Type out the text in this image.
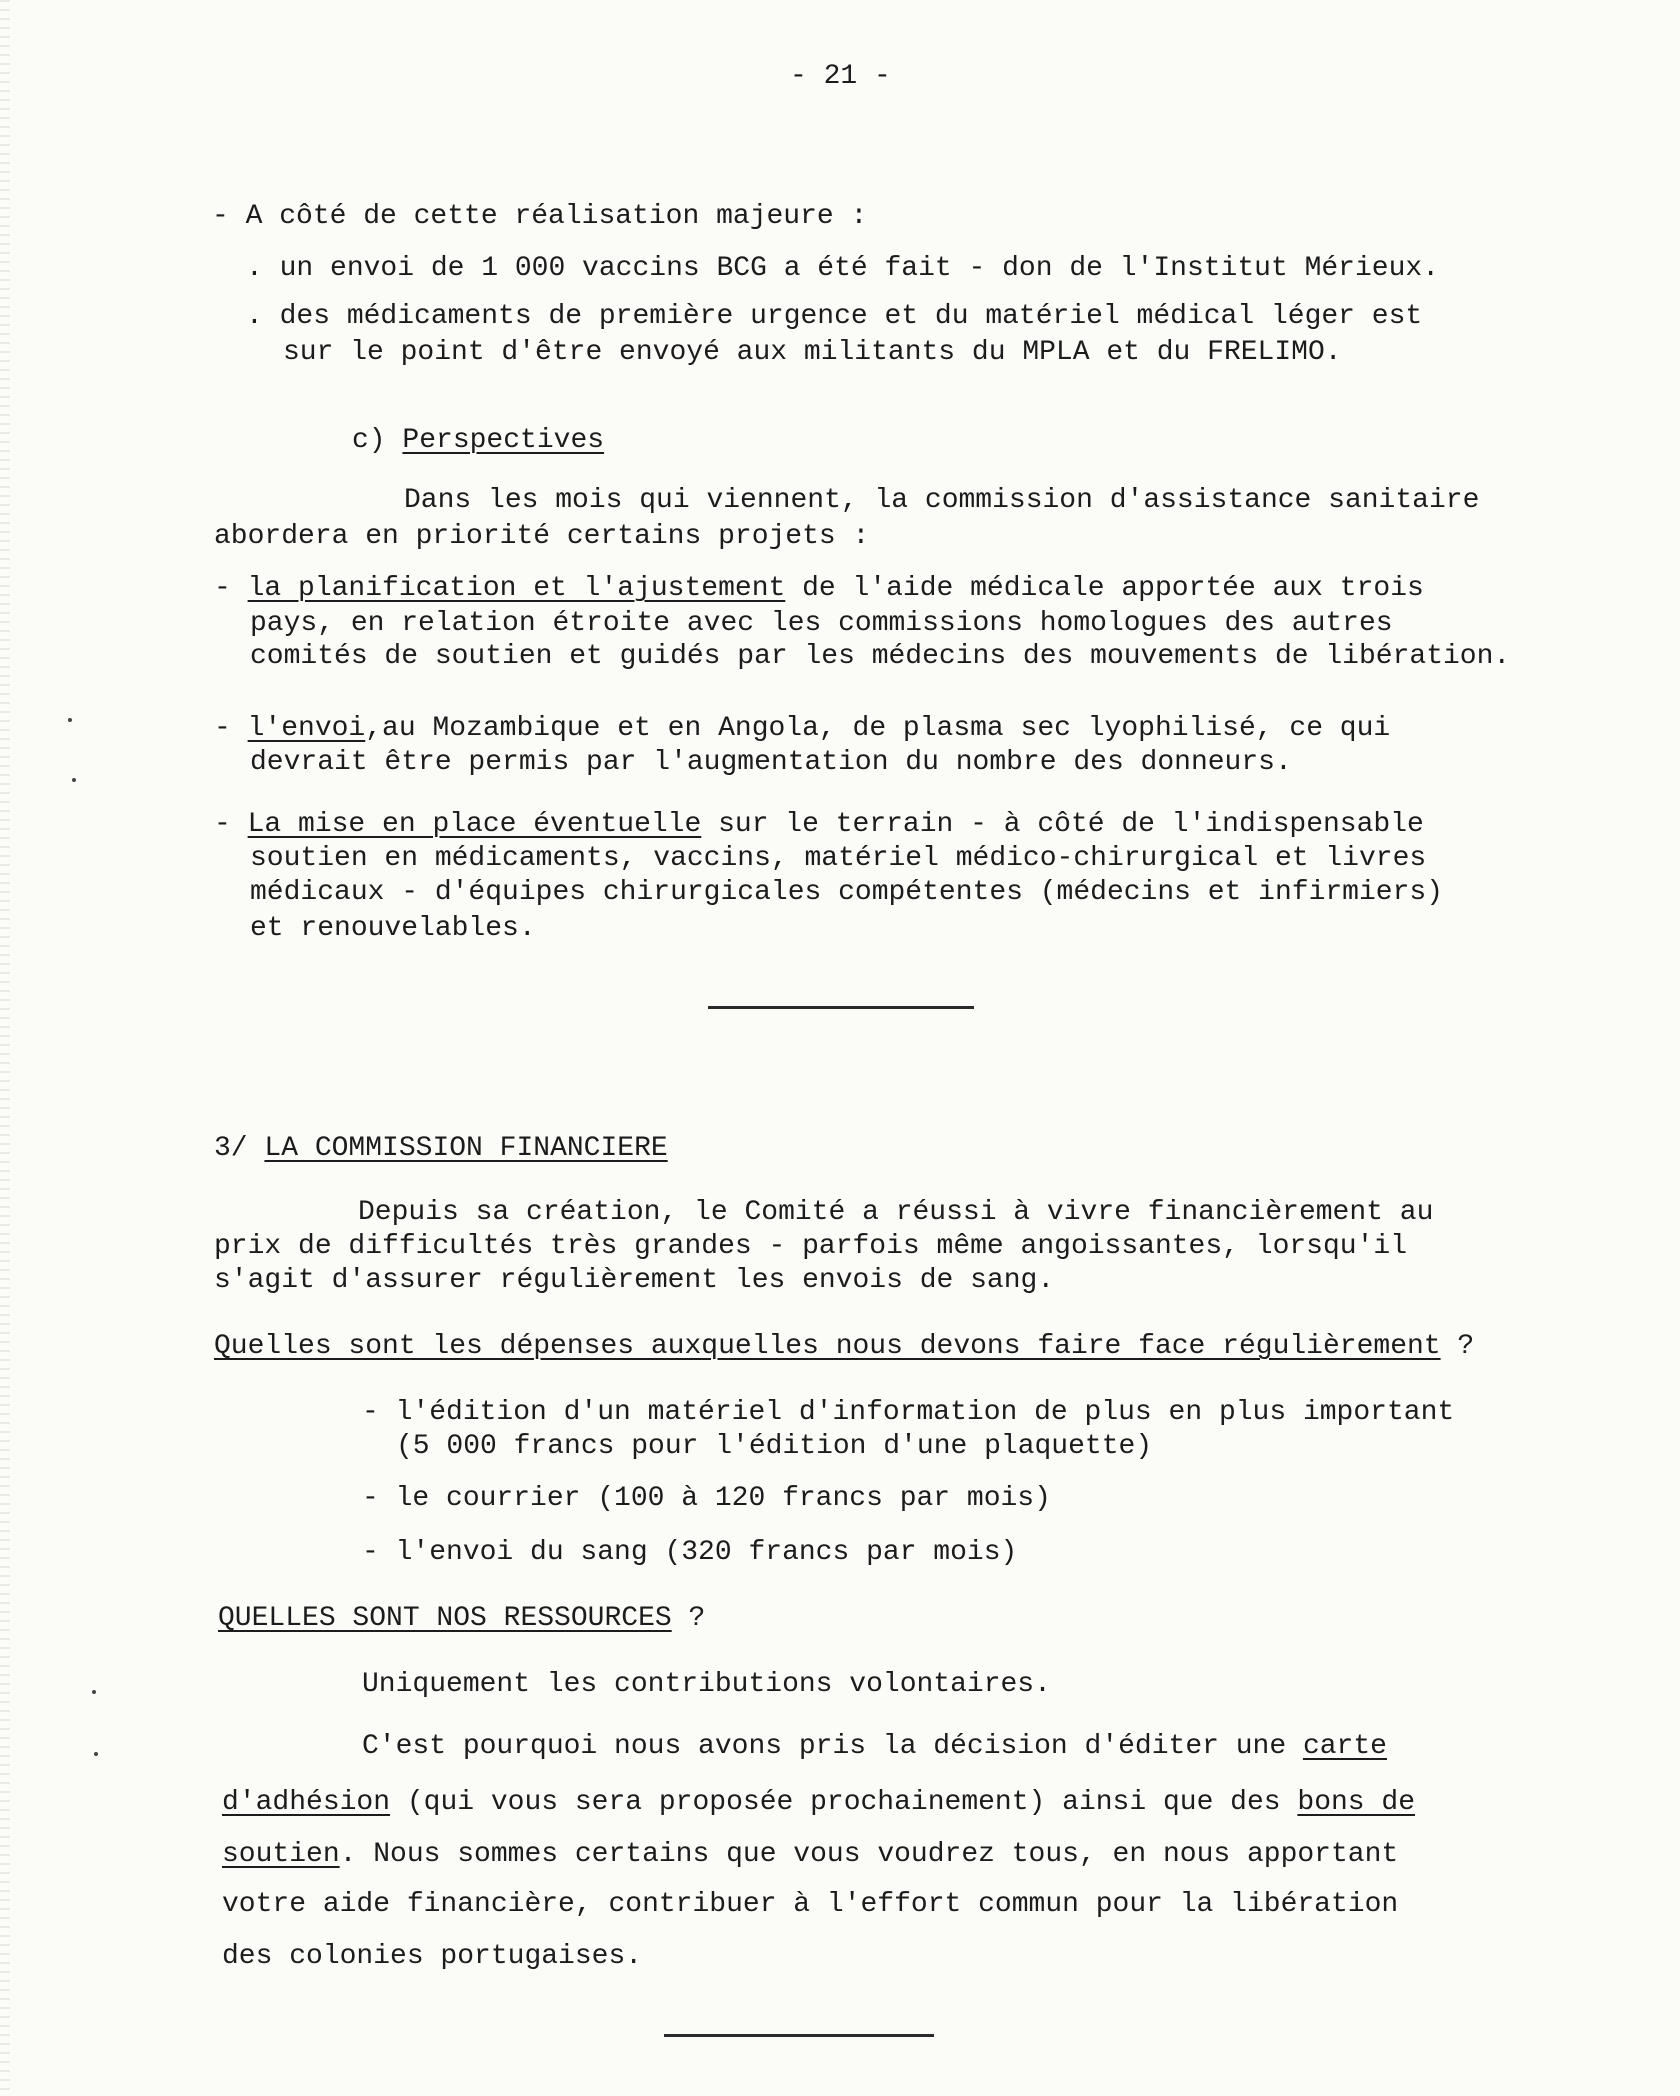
- 21 -
- A côté de cette réalisation majeure :
. un envoi de 1 000 vaccins BCG a été fait - don de l'Institut Mérieux.
. des médicaments de première urgence et du matériel médical léger est
sur le point d'être envoyé aux militants du MPLA et du FRELIMO.
c) Perspectives
Dans les mois qui viennent, la commission d'assistance sanitaire
abordera en priorité certains projets :
- la planification et l'ajustement de l'aide médicale apportée aux trois
pays, en relation étroite avec les commissions homologues des autres
comités de soutien et guidés par les médecins des mouvements de libération.
- l'envoi,au Mozambique et en Angola, de plasma sec lyophilisé, ce qui
devrait être permis par l'augmentation du nombre des donneurs.
- La mise en place éventuelle sur le terrain - à côté de l'indispensable
soutien en médicaments, vaccins, matériel médico-chirurgical et livres
médicaux - d'équipes chirurgicales compétentes (médecins et infirmiers)
et renouvelables.
3/ LA COMMISSION FINANCIERE
Depuis sa création, le Comité a réussi à vivre financièrement au
prix de difficultés très grandes - parfois même angoissantes, lorsqu'il
s'agit d'assurer régulièrement les envois de sang.
Quelles sont les dépenses auxquelles nous devons faire face régulièrement ?
- l'édition d'un matériel d'information de plus en plus important
(5 000 francs pour l'édition d'une plaquette)
- le courrier (100 à 120 francs par mois)
- l'envoi du sang (320 francs par mois)
QUELLES SONT NOS RESSOURCES ?
Uniquement les contributions volontaires.
C'est pourquoi nous avons pris la décision d'éditer une carte
d'adhésion (qui vous sera proposée prochainement) ainsi que des bons de
soutien. Nous sommes certains que vous voudrez tous, en nous apportant
votre aide financière, contribuer à l'effort commun pour la libération
des colonies portugaises.
